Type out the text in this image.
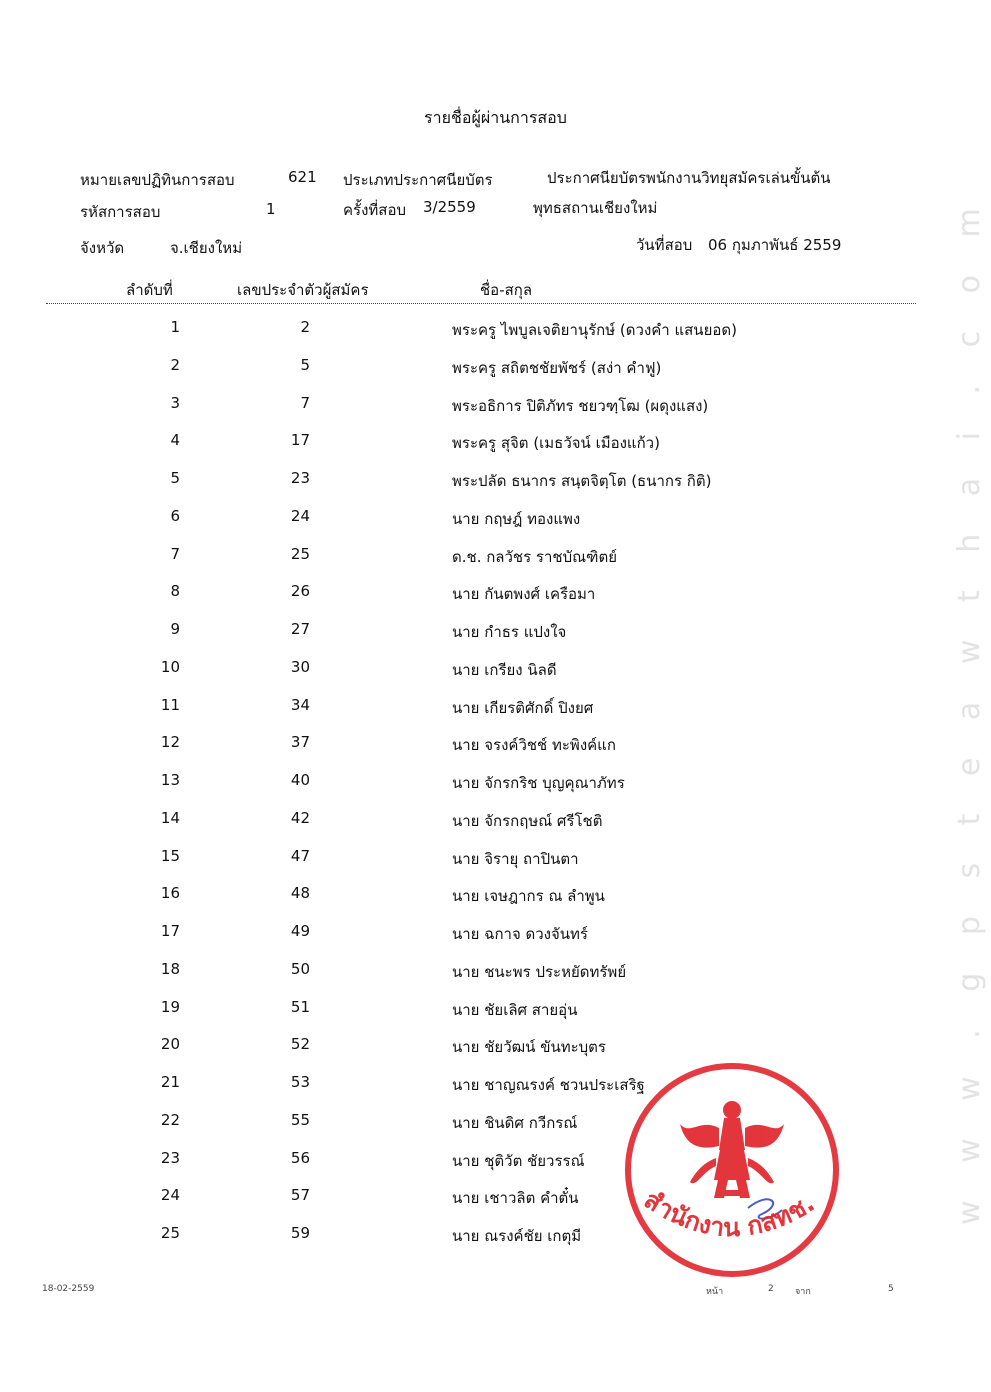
รายชื่อผู้ผ่านการสอบ
หมายเลขปฏิทินการสอบ	621 ประเภทประกาศนียบัตร	ประกาศนียบัตรพนักงานวิทยุสมัครเล่นขั้นต้น
รหัสการสอบ	1	ครั้งที่สอบ 3/2559	พุทธสถานเชียงใหม่
จังหวัด	จ.เชียงใหม่	วันที่สอบ 06 กุมภาพันธ์ 2559
ลำดับที่	เลขประจำตัวผู้สมัคร	ชื่อ-สกุล
1	2	พระครู ไพบูลเจติยานุรักษ์ (ดวงคำ แสนยอด)
2	5	พระครู สถิตชชัยพัชร์ (สง่า คำฟู)
3	7	พระอธิการ ปิติภัทร ชยวฑฺโฒ (ผดุงแสง)
4	17	พระครู สุจิต (เมธวัจน์ เมืองแก้ว)
5	23	พระปลัด ธนากร สนฺตจิตฺโต (ธนากร กิติ)
6	24	นาย กฤษฎ์ ทองแพง
7	25	ด.ช. กลวัชร ราชบัณฑิตย์
8	26	นาย กันตพงศ์ เครือมา
9	27	นาย กำธร แปงใจ
10	30	นาย เกรียง นิลดี
11	34	นาย เกียรติศักดิ์ ปิงยศ
12	37	นาย จรงค์วิชช์ ทะพิงค์แก
13	40	นาย จักรกริช บุญคุณาภัทร
14	42	นาย จักรกฤษณ์ ศรีโชติ
15	47	นาย จิรายุ ถาปินตา
16	48	นาย เจษฎากร ณ ลำพูน
17	49	นาย ฉกาจ ดวงจันทร์
18	50	นาย ชนะพร ประหยัดทรัพย์
19	51	นาย ชัยเลิศ สายอุ่น
20	52	นาย ชัยวัฒน์ ขันทะบุตร
21	53	นาย ชาญณรงค์ ชวนประเสริฐ
22	55	นาย ชินดิศ กวีกรณ์
23	56	นาย ชุติวัต ชัยวรรณ์
24	57	นาย เชาวลิต คำตั๋น
25	59	นาย ณรงค์ชัย เกตุมี
w w w . g p s t e a w t h a i . c o m
สำนักงาน กสทช.
18-02-2559	หน้า	2 จาก	5
